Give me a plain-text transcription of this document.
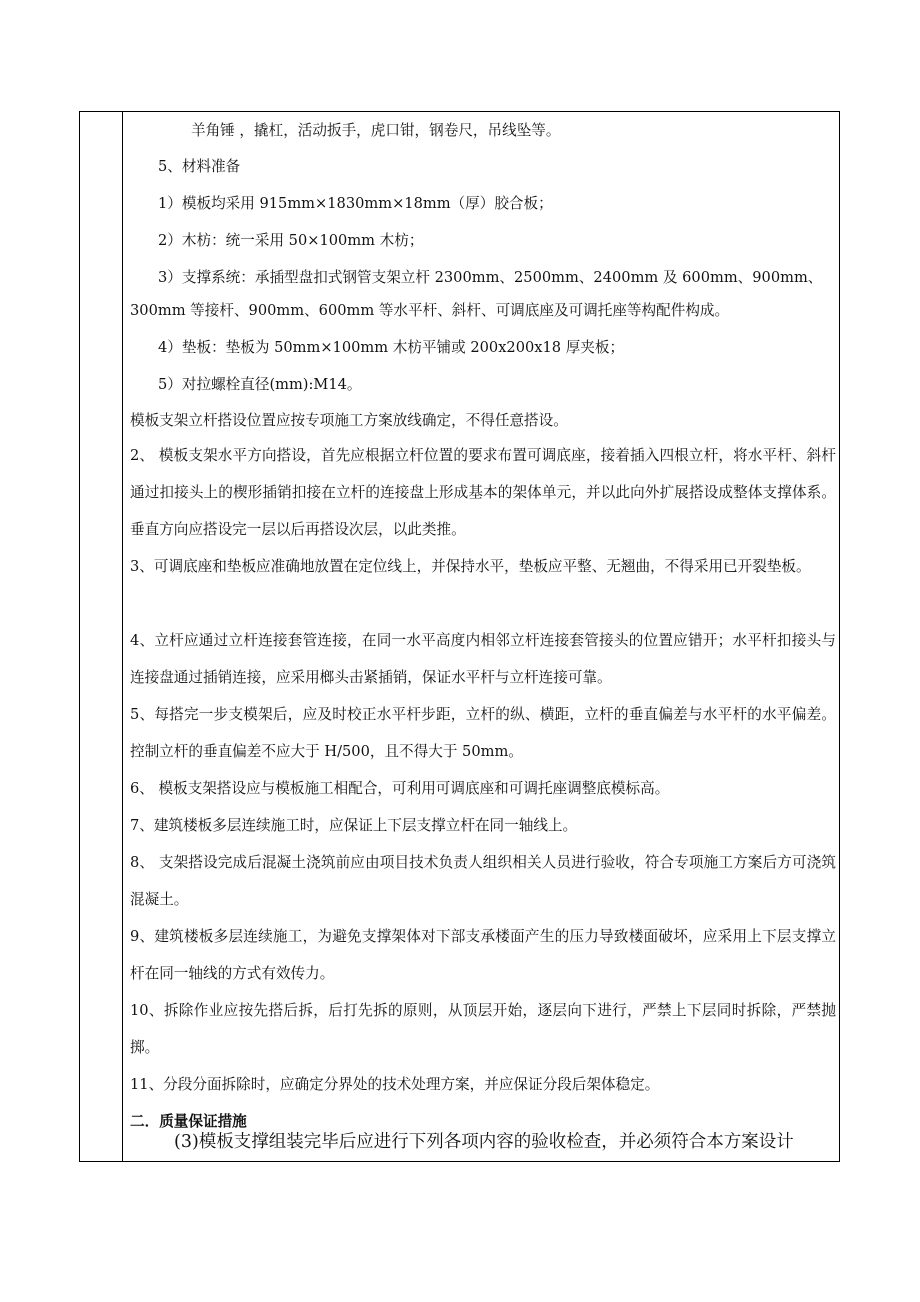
羊角锤 ，撬杠，活动扳手，虎口钳，钢卷尺，吊线坠等。
5、材料准备
1）模板均采用 915mm×1830mm×18mm（厚）胶合板；
2）木枋：统一采用 50×100mm 木枋；
3）支撑系统：承插型盘扣式钢管支架立杆 2300mm、2500mm、2400mm 及 600mm、900mm、
300mm 等接杆、900mm、600mm 等水平杆、斜杆、可调底座及可调托座等构配件构成。
4）垫板：垫板为 50mm×100mm 木枋平铺或 200x200x18 厚夹板；
5）对拉螺栓直径(mm):M14。
模板支架立杆搭设位置应按专项施工方案放线确定，不得任意搭设。
2、 模板支架水平方向搭设，首先应根据立杆位置的要求布置可调底座，接着插入四根立杆，将水平杆、斜杆通过扣接头上的楔形插销扣接在立杆的连接盘上形成基本的架体单元，并以此向外扩展搭设成整体支撑体系。垂直方向应搭设完一层以后再搭设次层，以此类推。
3、可调底座和垫板应准确地放置在定位线上，并保持水平，垫板应平整、无翘曲，不得采用已开裂垫板。
4、立杆应通过立杆连接套管连接，在同一水平高度内相邻立杆连接套管接头的位置应错开；水平杆扣接头与连接盘通过插销连接，应采用榔头击紧插销，保证水平杆与立杆连接可靠。
5、每搭完一步支模架后，应及时校正水平杆步距，立杆的纵、横距，立杆的垂直偏差与水平杆的水平偏差。控制立杆的垂直偏差不应大于 H/500，且不得大于 50mm。
6、 模板支架搭设应与模板施工相配合，可利用可调底座和可调托座调整底模标高。
7、建筑楼板多层连续施工时，应保证上下层支撑立杆在同一轴线上。
8、 支架搭设完成后混凝土浇筑前应由项目技术负责人组织相关人员进行验收，符合专项施工方案后方可浇筑混凝土。
9、建筑楼板多层连续施工，为避免支撑架体对下部支承楼面产生的压力导致楼面破坏，应采用上下层支撑立杆在同一轴线的方式有效传力。
10、拆除作业应按先搭后拆，后打先拆的原则，从顶层开始，逐层向下进行，严禁上下层同时拆除，严禁抛掷。
11、分段分面拆除时，应确定分界处的技术处理方案，并应保证分段后架体稳定。
二．质量保证措施
(3)模板支撑组装完毕后应进行下列各项内容的验收检查，并必须符合本方案设计
